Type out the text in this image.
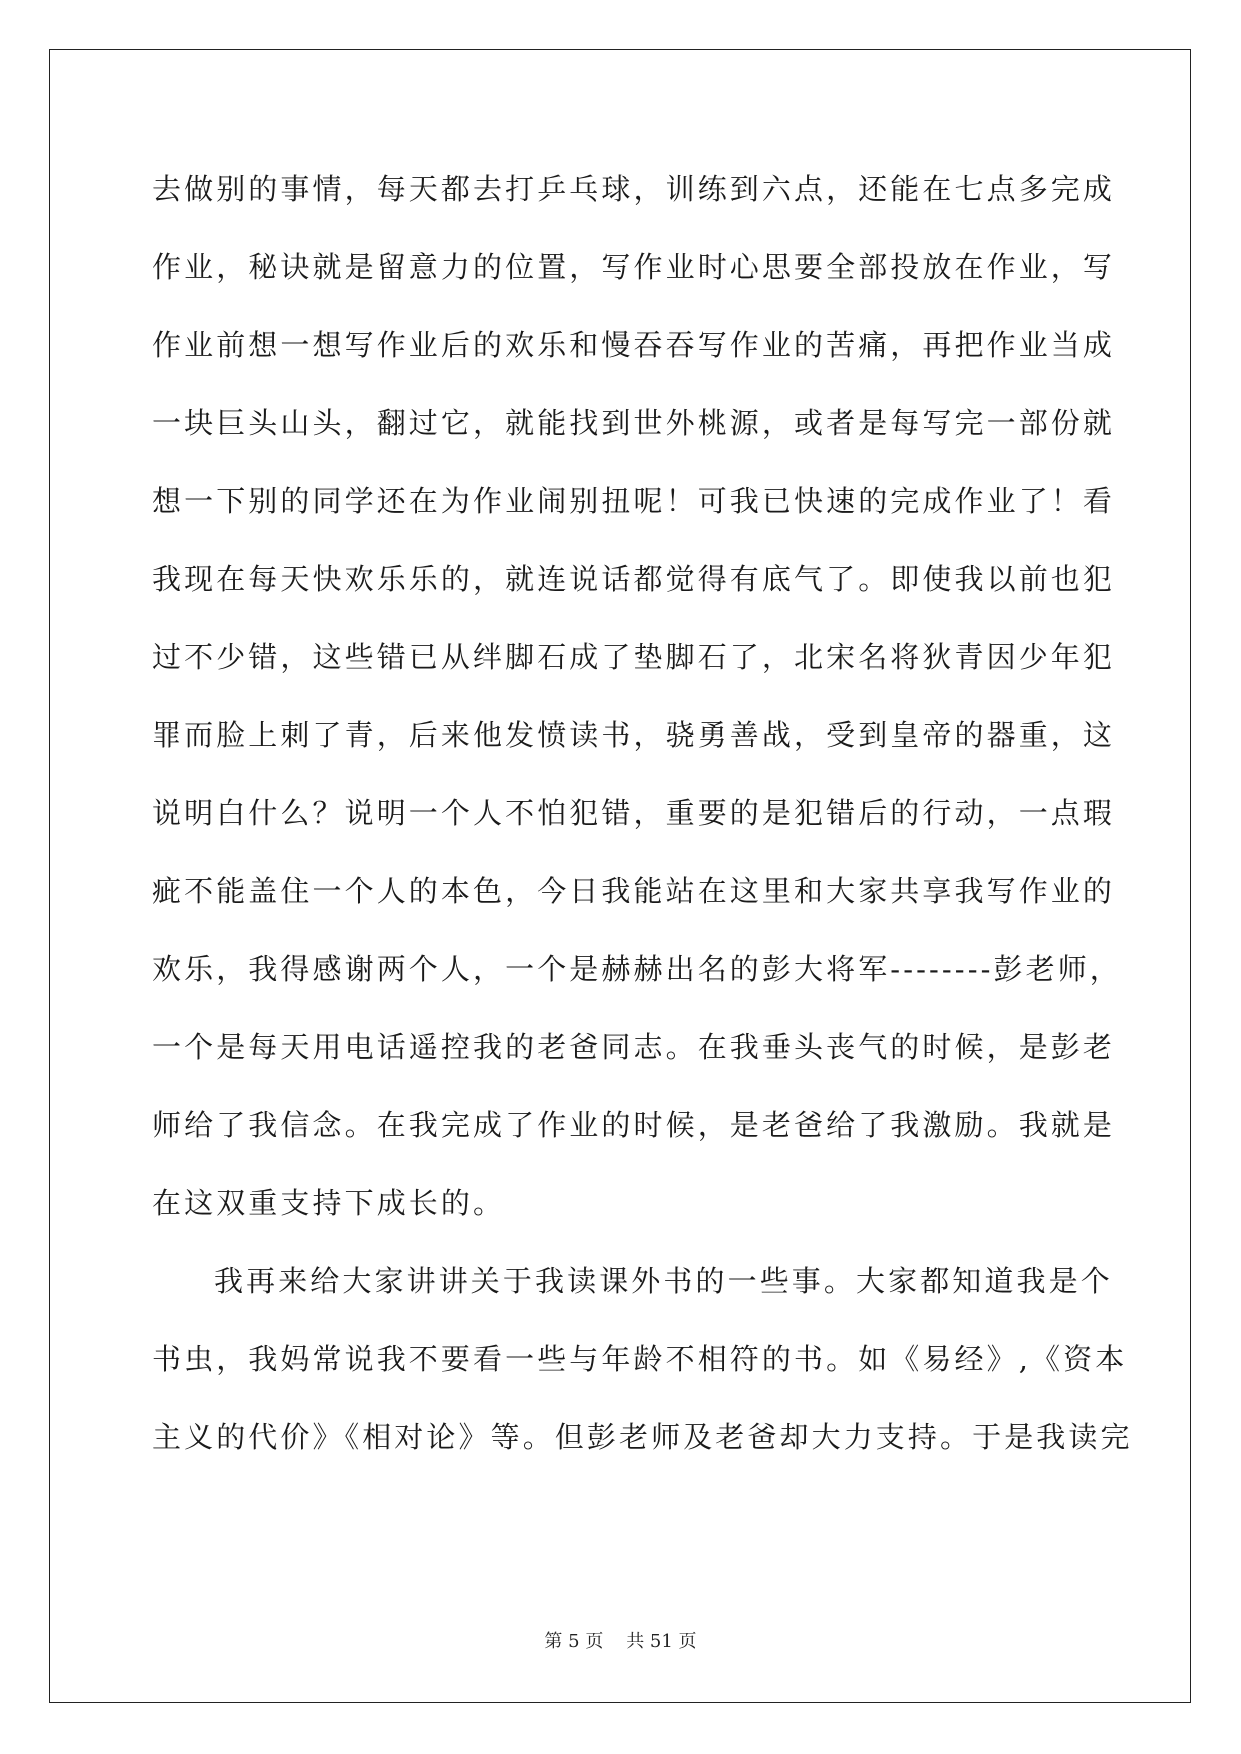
去做别的事情，每天都去打乒乓球，训练到六点，还能在七点多完成
作业，秘诀就是留意力的位置，写作业时心思要全部投放在作业，写
作业前想一想写作业后的欢乐和慢吞吞写作业的苦痛，再把作业当成
一块巨头山头，翻过它，就能找到世外桃源，或者是每写完一部份就
想一下别的同学还在为作业闹别扭呢！可我已快速的完成作业了！看
我现在每天快欢乐乐的，就连说话都觉得有底气了。即使我以前也犯
过不少错，这些错已从绊脚石成了垫脚石了，北宋名将狄青因少年犯
罪而脸上刺了青，后来他发愤读书，骁勇善战，受到皇帝的器重，这
说明白什么？说明一个人不怕犯错，重要的是犯错后的行动，一点瑕
疵不能盖住一个人的本色，今日我能站在这里和大家共享我写作业的
欢乐，我得感谢两个人，一个是赫赫出名的彭大将军--------彭老师，
一个是每天用电话遥控我的老爸同志。在我垂头丧气的时候，是彭老
师给了我信念。在我完成了作业的时候，是老爸给了我激励。我就是
在这双重支持下成长的。
我再来给大家讲讲关于我读课外书的一些事。大家都知道我是个
书虫，我妈常说我不要看一些与年龄不相符的书。如《易经》,《资本
主义的代价》《相对论》等。但彭老师及老爸却大力支持。于是我读完
第 5 页    共 51 页
